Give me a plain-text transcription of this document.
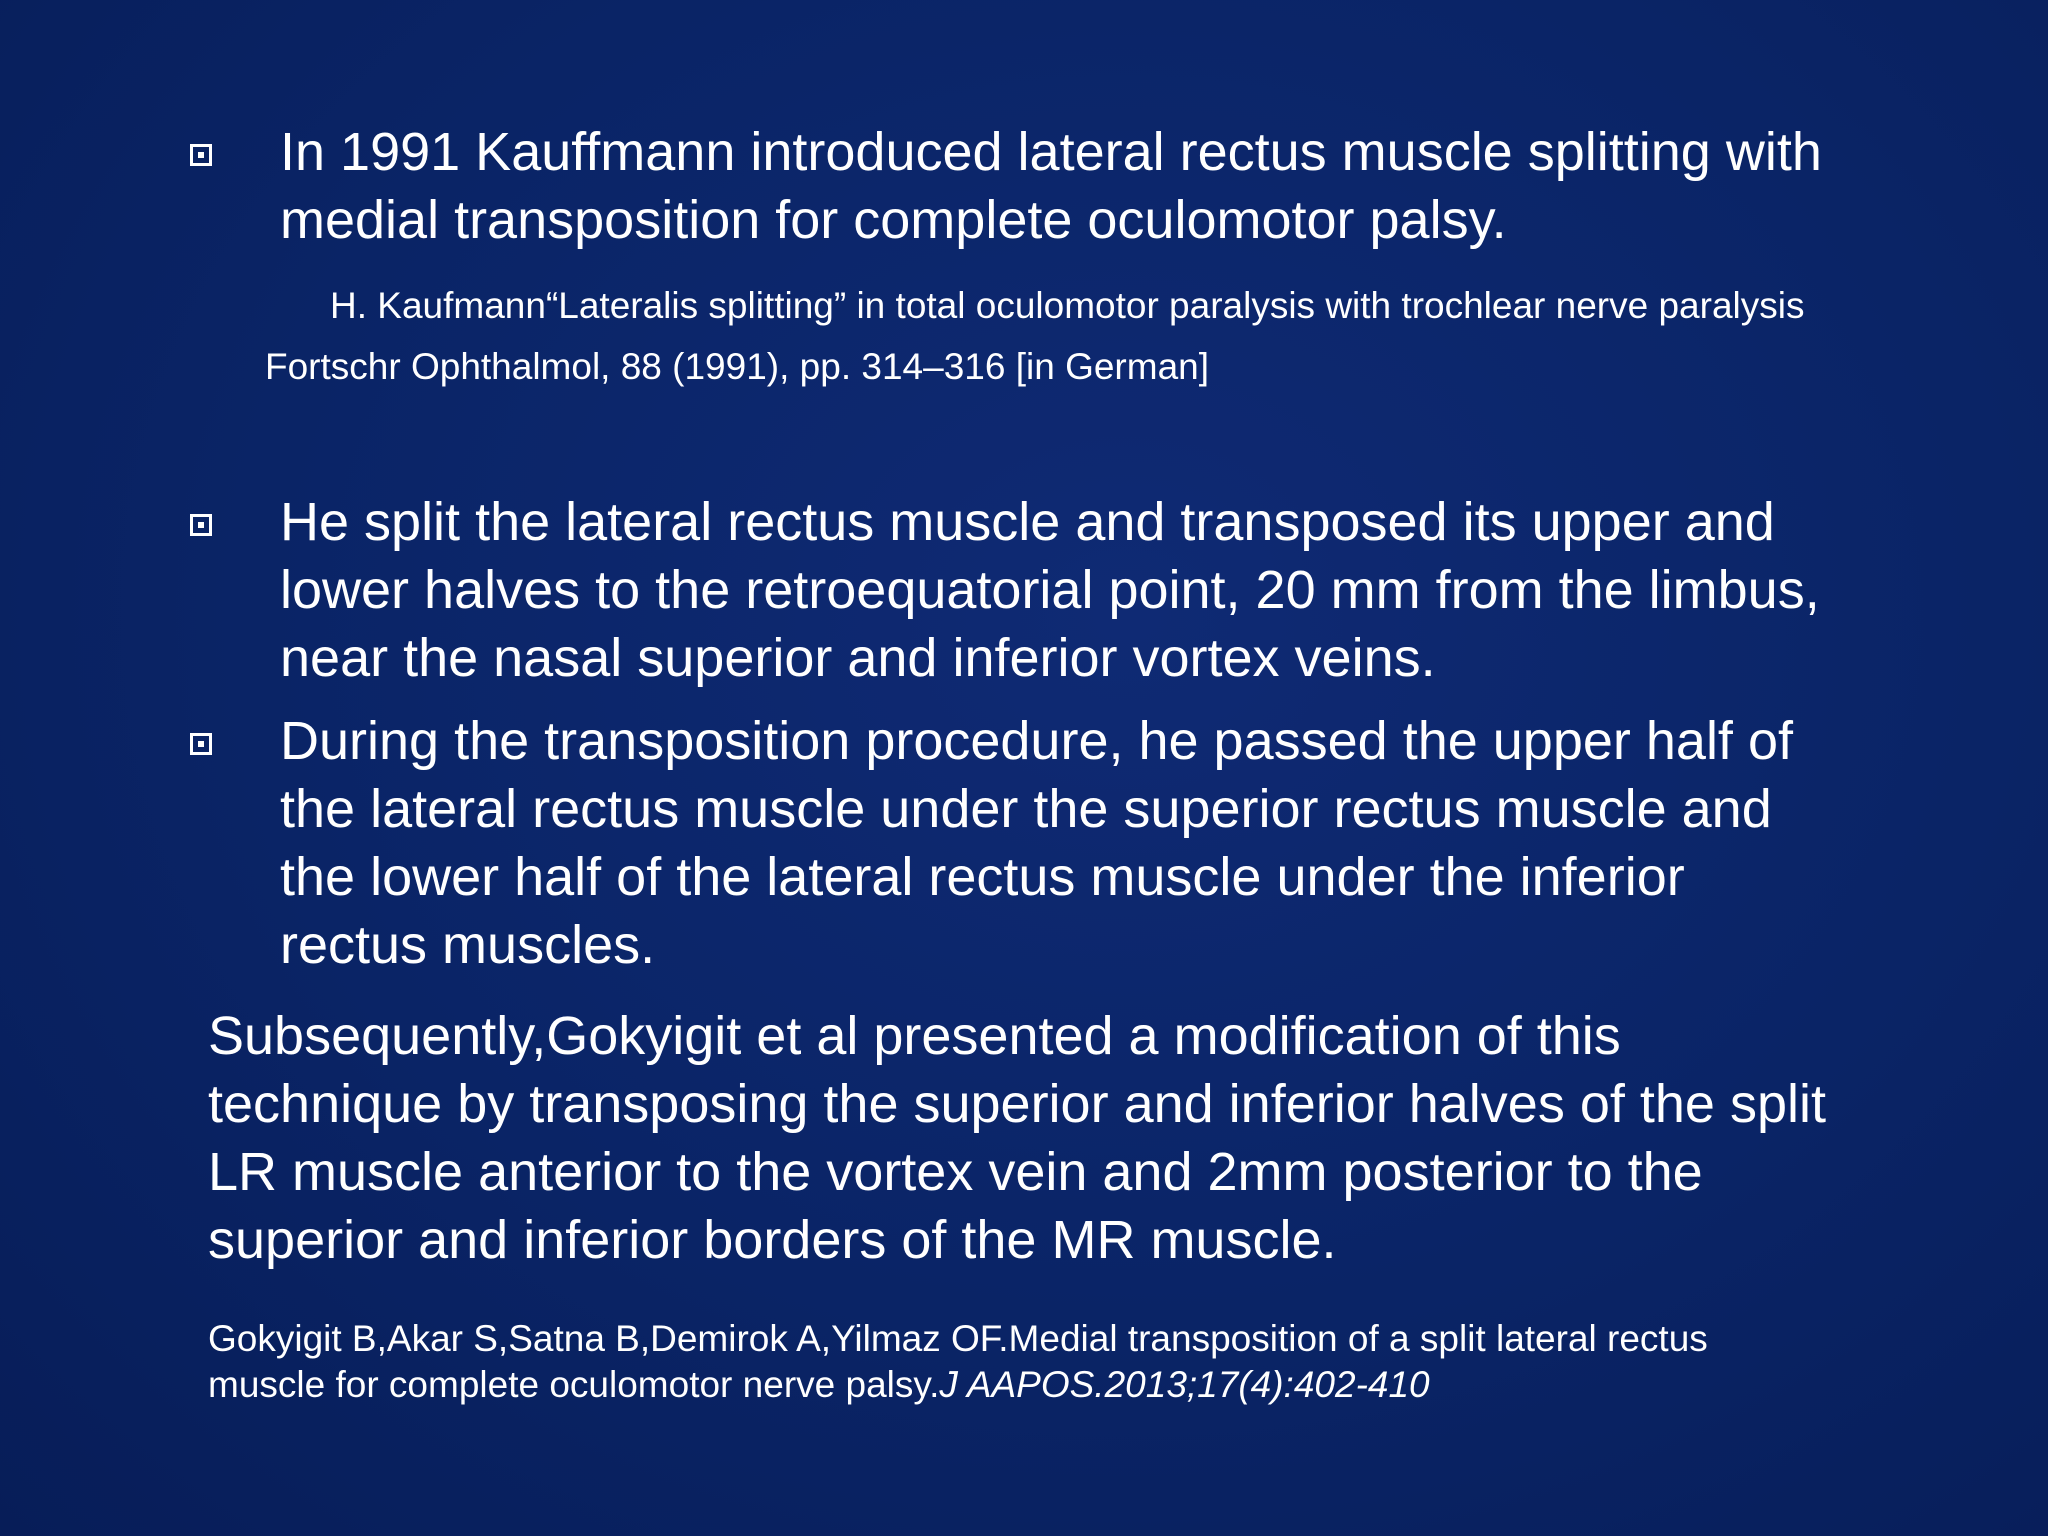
In 1991 Kauffmann introduced lateral rectus muscle splitting with
medial transposition for complete oculomotor palsy.
H. Kaufmann“Lateralis splitting” in total oculomotor paralysis with trochlear nerve paralysis
Fortschr Ophthalmol, 88 (1991), pp. 314–316 [in German]
He split the lateral rectus muscle and transposed its upper and
lower halves to the retroequatorial point, 20 mm from the limbus,
near the nasal superior and inferior vortex veins.
During the transposition procedure, he passed the upper half of
the lateral rectus muscle under the superior rectus muscle and
the lower half of the lateral rectus muscle under the inferior
rectus muscles.
Subsequently,Gokyigit et al presented a modification of this
technique by transposing the superior and inferior halves of the split
LR muscle anterior to the vortex vein and 2mm posterior to the
superior and inferior borders of the MR muscle.
Gokyigit B,Akar S,Satna B,Demirok A,Yilmaz OF.Medial transposition of a split lateral rectus
muscle for complete oculomotor nerve palsy.J AAPOS.2013;17(4):402-410
